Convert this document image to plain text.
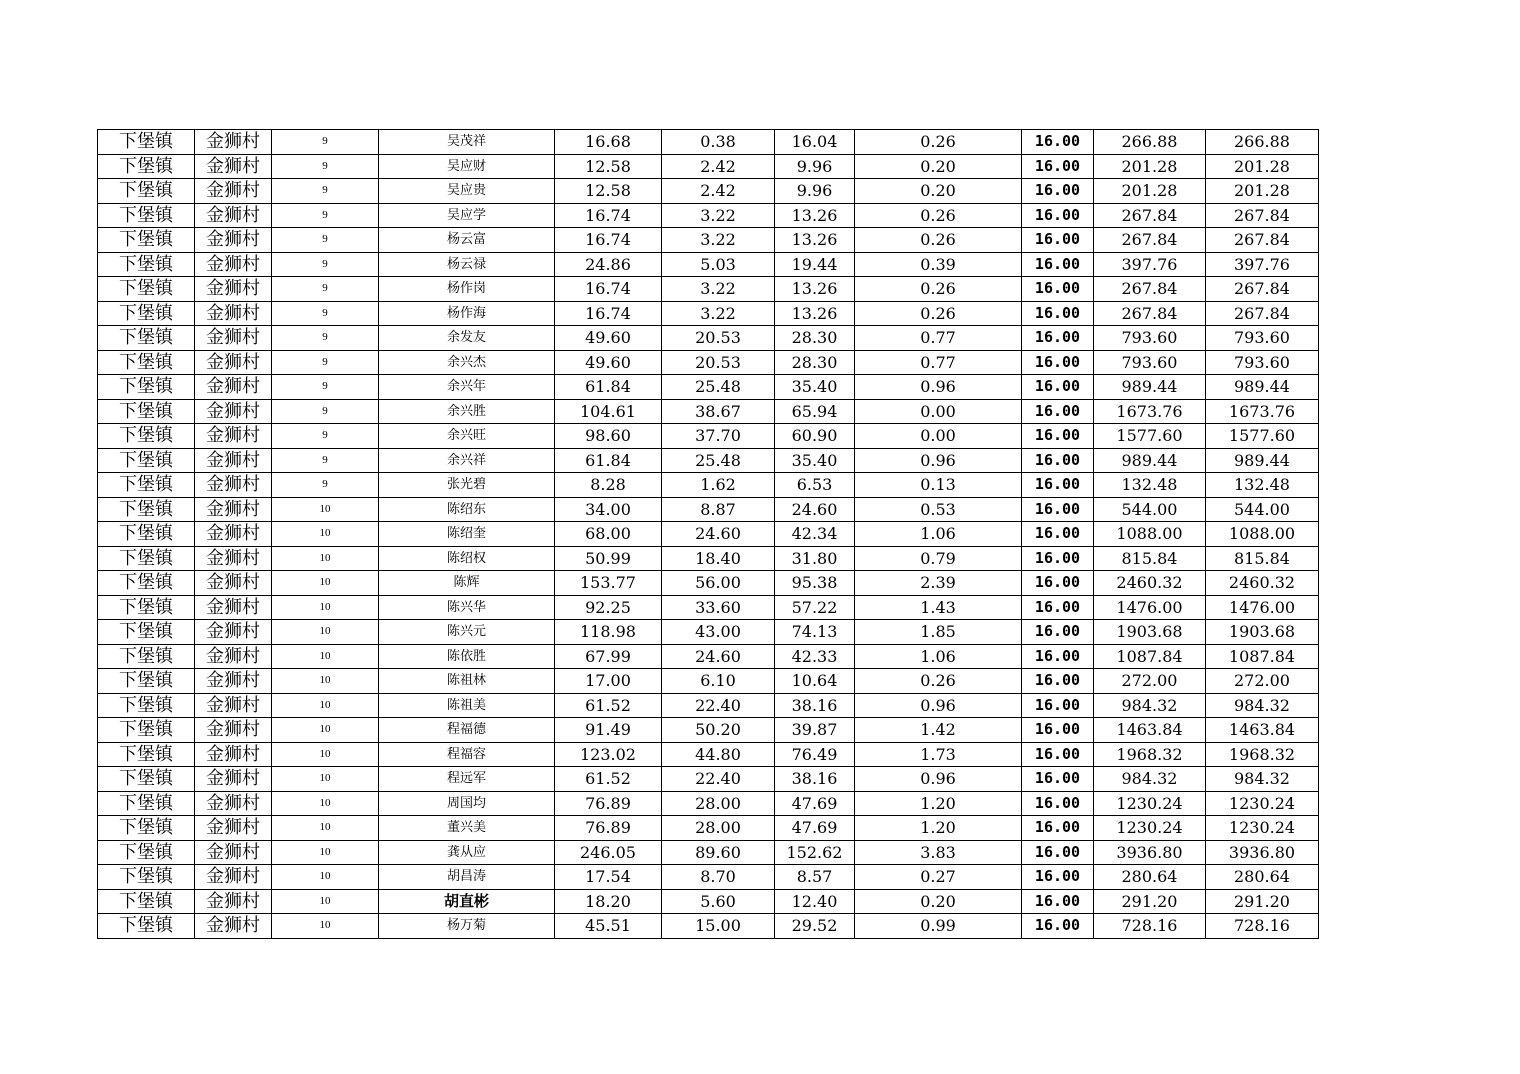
下堡镇	金狮村	9	吴茂祥	16.68	0.38	16.04	0.26	16.00	266.88	266.88
下堡镇	金狮村	9	吴应财	12.58	2.42	9.96	0.20	16.00	201.28	201.28
下堡镇	金狮村	9	吴应贵	12.58	2.42	9.96	0.20	16.00	201.28	201.28
下堡镇	金狮村	9	吴应学	16.74	3.22	13.26	0.26	16.00	267.84	267.84
下堡镇	金狮村	9	杨云富	16.74	3.22	13.26	0.26	16.00	267.84	267.84
下堡镇	金狮村	9	杨云禄	24.86	5.03	19.44	0.39	16.00	397.76	397.76
下堡镇	金狮村	9	杨作岗	16.74	3.22	13.26	0.26	16.00	267.84	267.84
下堡镇	金狮村	9	杨作海	16.74	3.22	13.26	0.26	16.00	267.84	267.84
下堡镇	金狮村	9	余发友	49.60	20.53	28.30	0.77	16.00	793.60	793.60
下堡镇	金狮村	9	余兴杰	49.60	20.53	28.30	0.77	16.00	793.60	793.60
下堡镇	金狮村	9	余兴年	61.84	25.48	35.40	0.96	16.00	989.44	989.44
下堡镇	金狮村	9	余兴胜	104.61	38.67	65.94	0.00	16.00	1673.76	1673.76
下堡镇	金狮村	9	余兴旺	98.60	37.70	60.90	0.00	16.00	1577.60	1577.60
下堡镇	金狮村	9	余兴祥	61.84	25.48	35.40	0.96	16.00	989.44	989.44
下堡镇	金狮村	9	张光碧	8.28	1.62	6.53	0.13	16.00	132.48	132.48
下堡镇	金狮村	10	陈绍东	34.00	8.87	24.60	0.53	16.00	544.00	544.00
下堡镇	金狮村	10	陈绍奎	68.00	24.60	42.34	1.06	16.00	1088.00	1088.00
下堡镇	金狮村	10	陈绍权	50.99	18.40	31.80	0.79	16.00	815.84	815.84
下堡镇	金狮村	10	陈辉	153.77	56.00	95.38	2.39	16.00	2460.32	2460.32
下堡镇	金狮村	10	陈兴华	92.25	33.60	57.22	1.43	16.00	1476.00	1476.00
下堡镇	金狮村	10	陈兴元	118.98	43.00	74.13	1.85	16.00	1903.68	1903.68
下堡镇	金狮村	10	陈依胜	67.99	24.60	42.33	1.06	16.00	1087.84	1087.84
下堡镇	金狮村	10	陈祖林	17.00	6.10	10.64	0.26	16.00	272.00	272.00
下堡镇	金狮村	10	陈祖美	61.52	22.40	38.16	0.96	16.00	984.32	984.32
下堡镇	金狮村	10	程福德	91.49	50.20	39.87	1.42	16.00	1463.84	1463.84
下堡镇	金狮村	10	程福容	123.02	44.80	76.49	1.73	16.00	1968.32	1968.32
下堡镇	金狮村	10	程远军	61.52	22.40	38.16	0.96	16.00	984.32	984.32
下堡镇	金狮村	10	周国均	76.89	28.00	47.69	1.20	16.00	1230.24	1230.24
下堡镇	金狮村	10	董兴美	76.89	28.00	47.69	1.20	16.00	1230.24	1230.24
下堡镇	金狮村	10	龚从应	246.05	89.60	152.62	3.83	16.00	3936.80	3936.80
下堡镇	金狮村	10	胡昌涛	17.54	8.70	8.57	0.27	16.00	280.64	280.64
下堡镇	金狮村	10	胡直彬	18.20	5.60	12.40	0.20	16.00	291.20	291.20
下堡镇	金狮村	10	杨万菊	45.51	15.00	29.52	0.99	16.00	728.16	728.16
